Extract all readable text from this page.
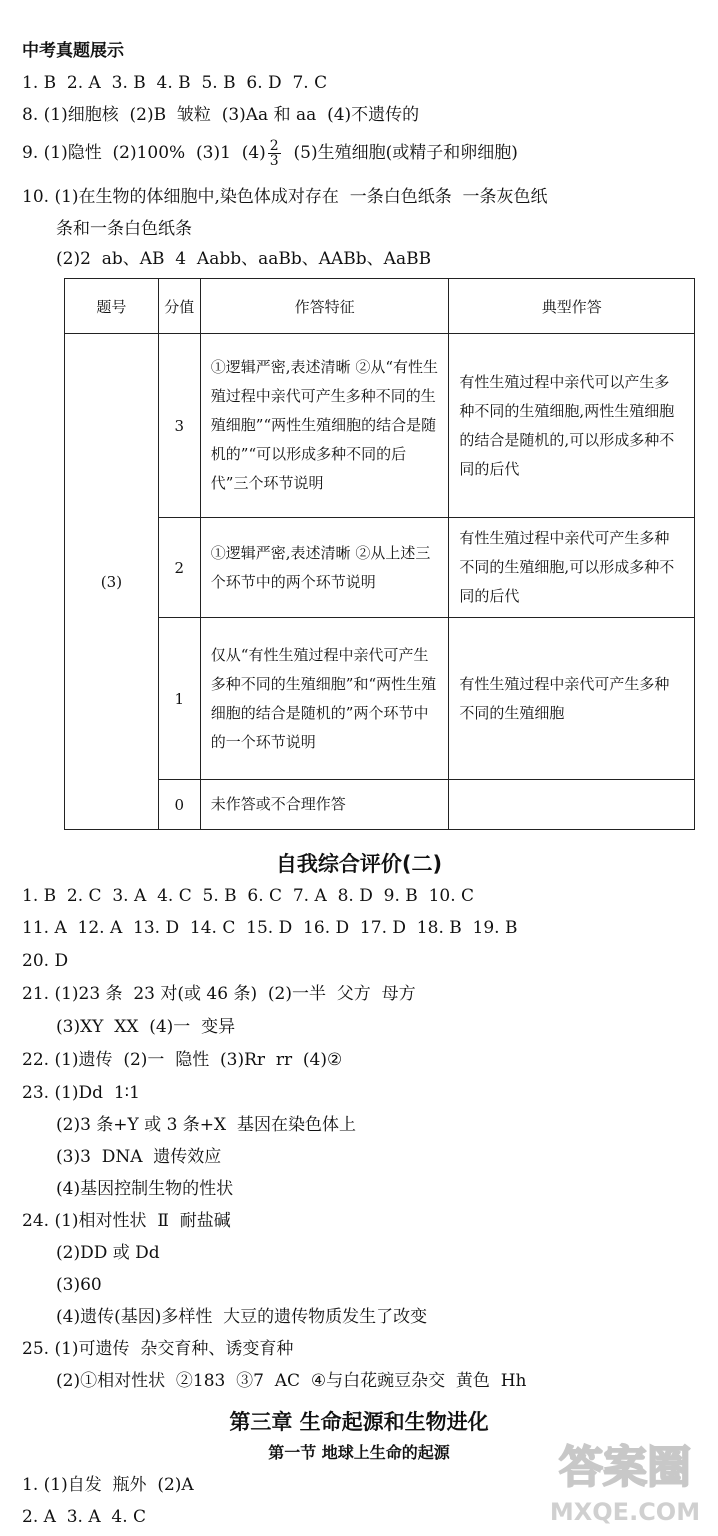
中考真题展示
1. B  2. A  3. B  4. B  5. B  6. D  7. C
8. (1)细胞核  (2)B  皱粒  (3)Aa 和 aa  (4)不遗传的
9. (1)隐性  (2)100%  (3)1  $(4) \frac{2}{3} (5)$生殖细胞(或精子和卵细胞)
10. (1)在生物的体细胞中,染色体成对存在  一条白色纸条  一条灰色纸
条和一条白色纸条
(2)2  ab、AB  4  Aabb、aaBb、AABb、AaBB
题号	分值	作答特征	典型作答
(3)	3	①逻辑严密,表述清晰 ②从“有性生殖过程中亲代可产生多种不同的生殖细胞”“两性生殖细胞的结合是随机的”“可以形成多种不同的后代”三个环节说明	有性生殖过程中亲代可以产生多种不同的生殖细胞,两性生殖细胞的结合是随机的,可以形成多种不同的后代
	2	①逻辑严密,表述清晰 ②从上述三个环节中的两个环节说明	有性生殖过程中亲代可产生多种不同的生殖细胞,可以形成多种不同的后代
	1	仅从“有性生殖过程中亲代可产生多种不同的生殖细胞”和“两性生殖细胞的结合是随机的”两个环节中的一个环节说明	有性生殖过程中亲代可产生多种不同的生殖细胞
	0	未作答或不合理作答	
自我综合评价(二)
1. B  2. C  3. A  4. C  5. B  6. C  7. A  8. D  9. B  10. C
11. A  12. A  13. D  14. C  15. D  16. D  17. D  18. B  19. B
20. D
21. (1)23 条  23 对(或 46 条)  (2)一半  父方  母方
(3)XY  XX  (4)一  变异
22. (1)遗传  (2)一  隐性  (3)Rr  rr  (4)②
23. (1)Dd  1∶1
(2)3 条+Y 或 3 条+X  基因在染色体上
(3)3  DNA  遗传效应
(4)基因控制生物的性状
24. (1)相对性状  Ⅱ  耐盐碱
(2)DD 或 Dd
(3)60
(4)遗传(基因)多样性  大豆的遗传物质发生了改变
25. (1)可遗传  杂交育种、诱变育种
(2)①相对性状  ②183  ③7  AC  ④与白花豌豆杂交  黄色  Hh
第三章 生命起源和生物进化
第一节 地球上生命的起源
1. (1)自发  瓶外  (2)A
2. A  3. A  4. C
答案圈
MXQE.COM
